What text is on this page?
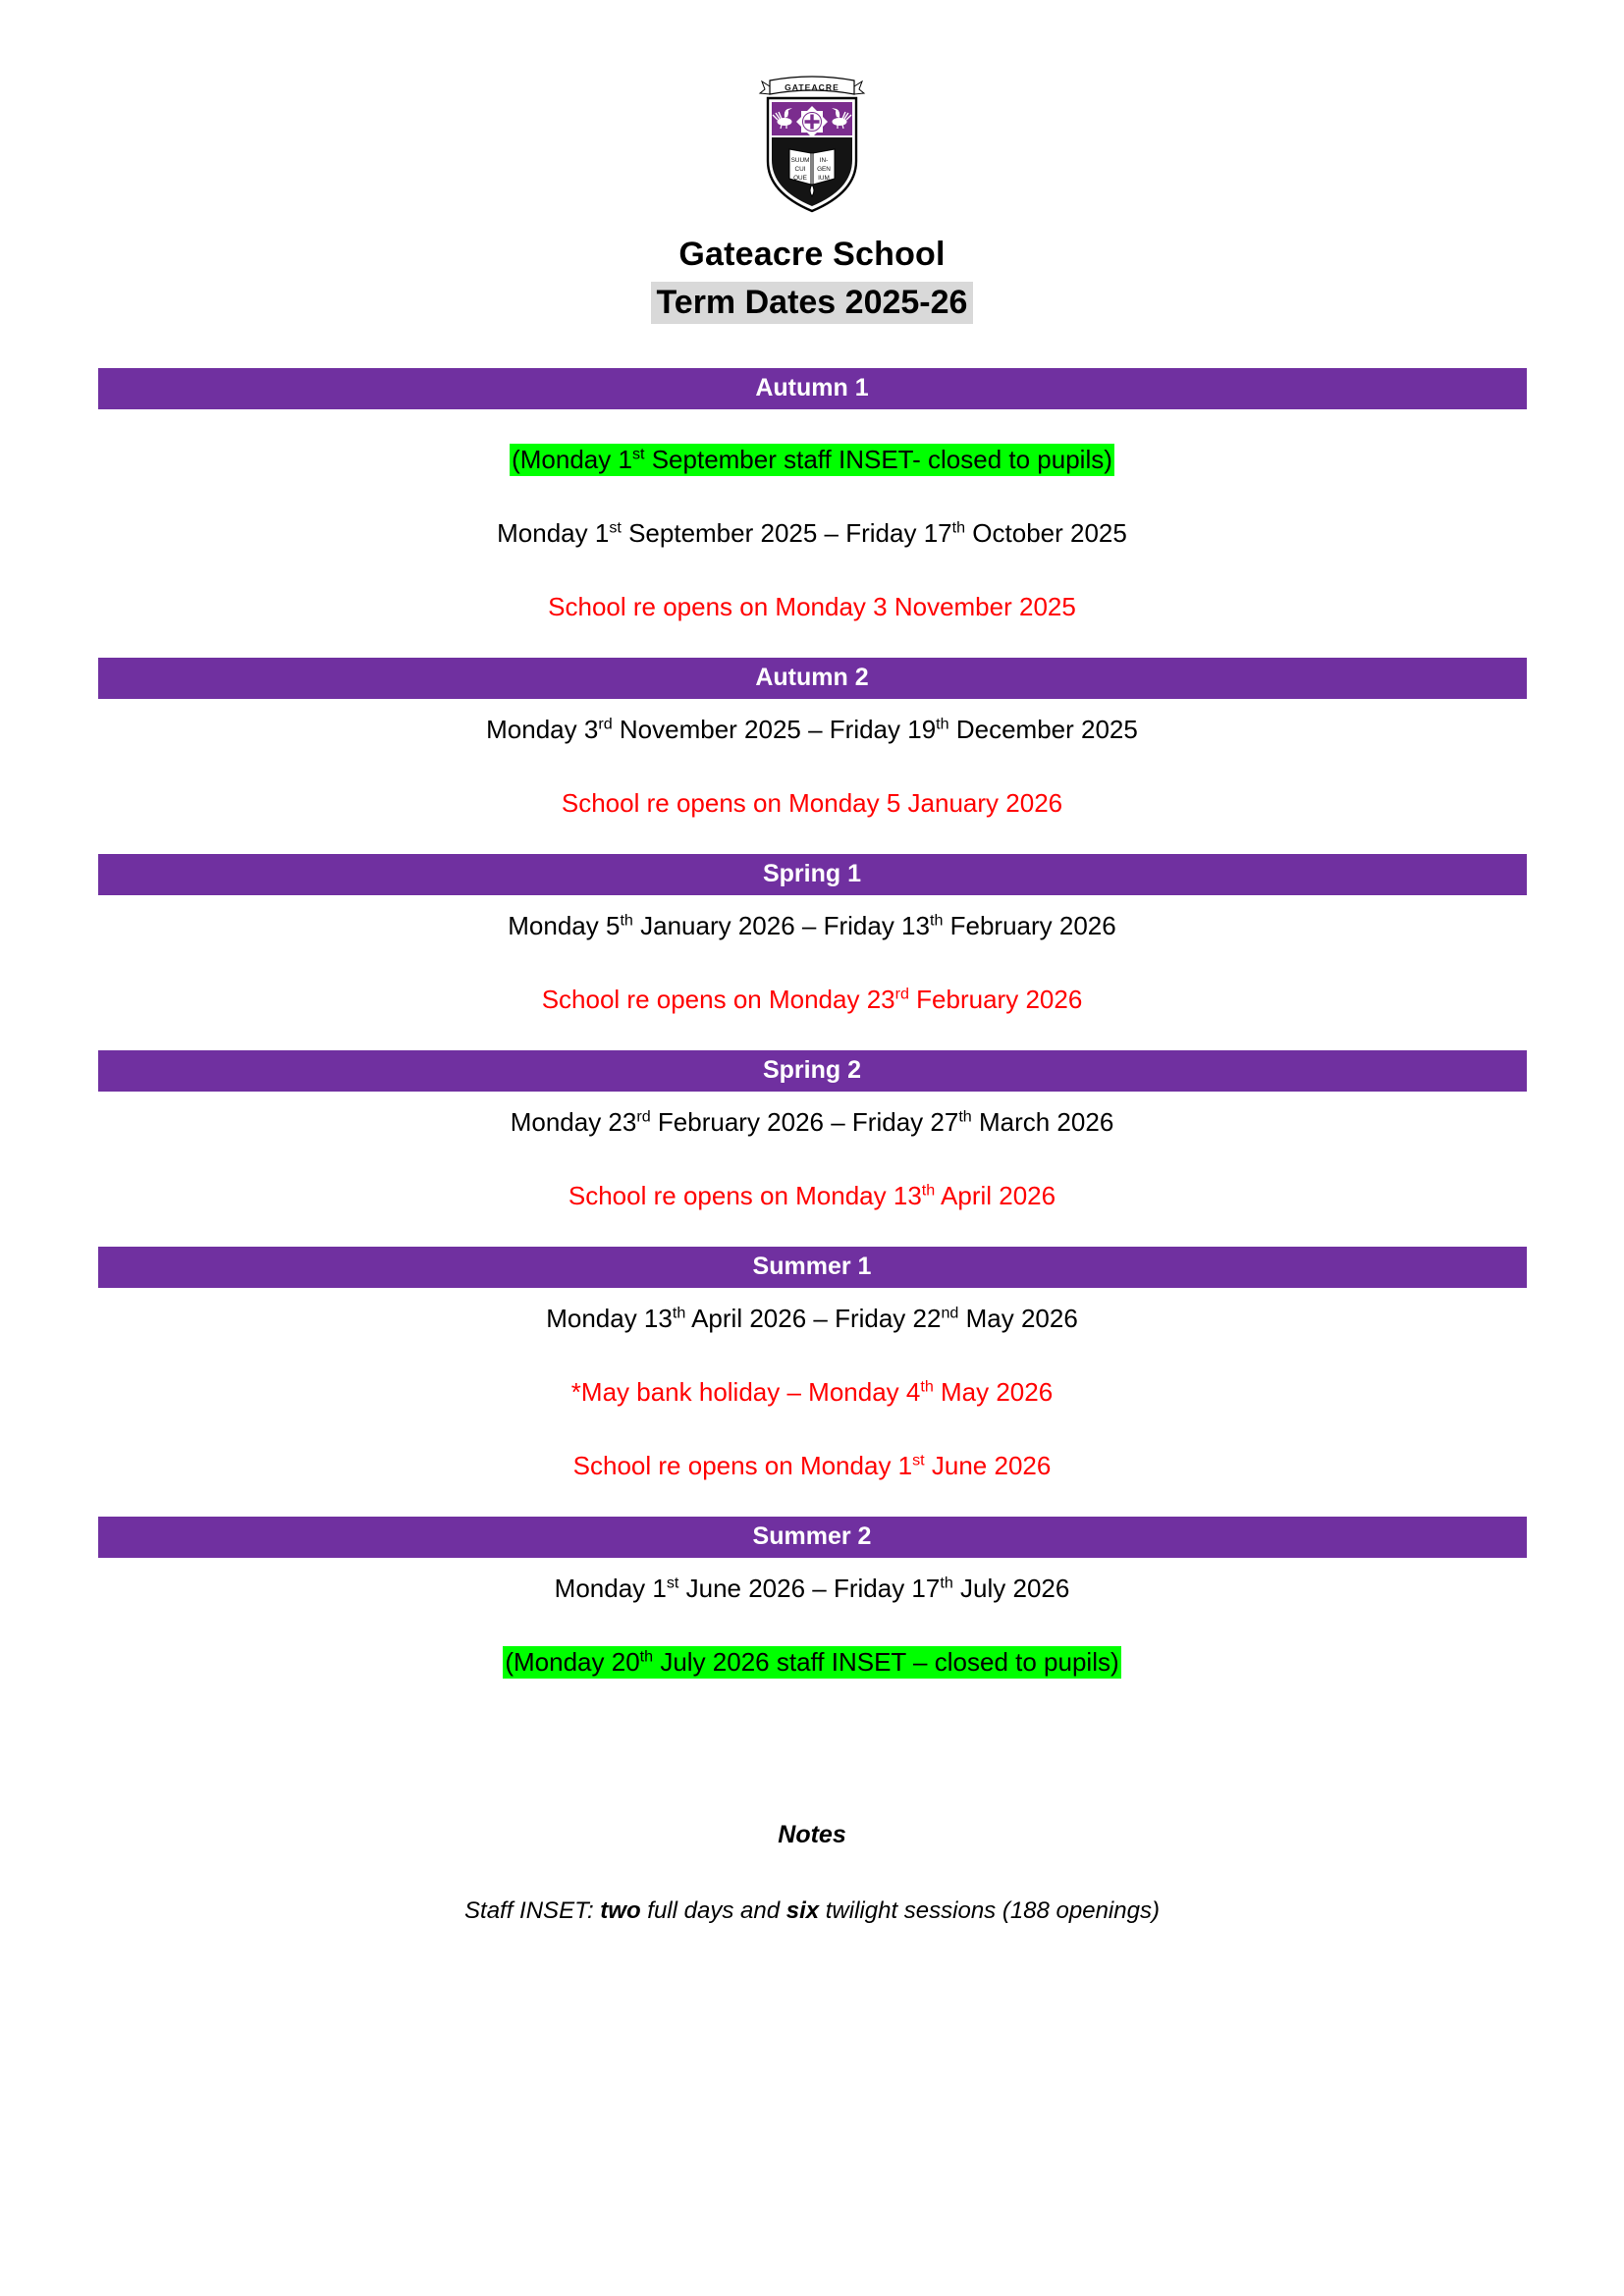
GATEACRE
SUUM IN-
CUI GEN
QUE IUM
Gateacre School
Term Dates 2025-26
Autumn 1
(Monday 1st September staff INSET- closed to pupils)
Monday 1st September 2025 – Friday 17th October 2025
School re opens on Monday 3 November 2025
Autumn 2
Monday 3rd November 2025 – Friday 19th December 2025
School re opens on Monday 5 January 2026
Spring 1
Monday 5th January 2026 – Friday 13th February 2026
School re opens on Monday 23rd February 2026
Spring 2
Monday 23rd February 2026 – Friday 27th March 2026
School re opens on Monday 13th April 2026
Summer 1
Monday 13th April 2026 – Friday 22nd May 2026
*May bank holiday – Monday 4th May 2026
School re opens on Monday 1st June 2026
Summer 2
Monday 1st June 2026 – Friday 17th July 2026
(Monday 20th July 2026 staff INSET – closed to pupils)
Notes
Staff INSET: two full days and six twilight sessions (188 openings)
